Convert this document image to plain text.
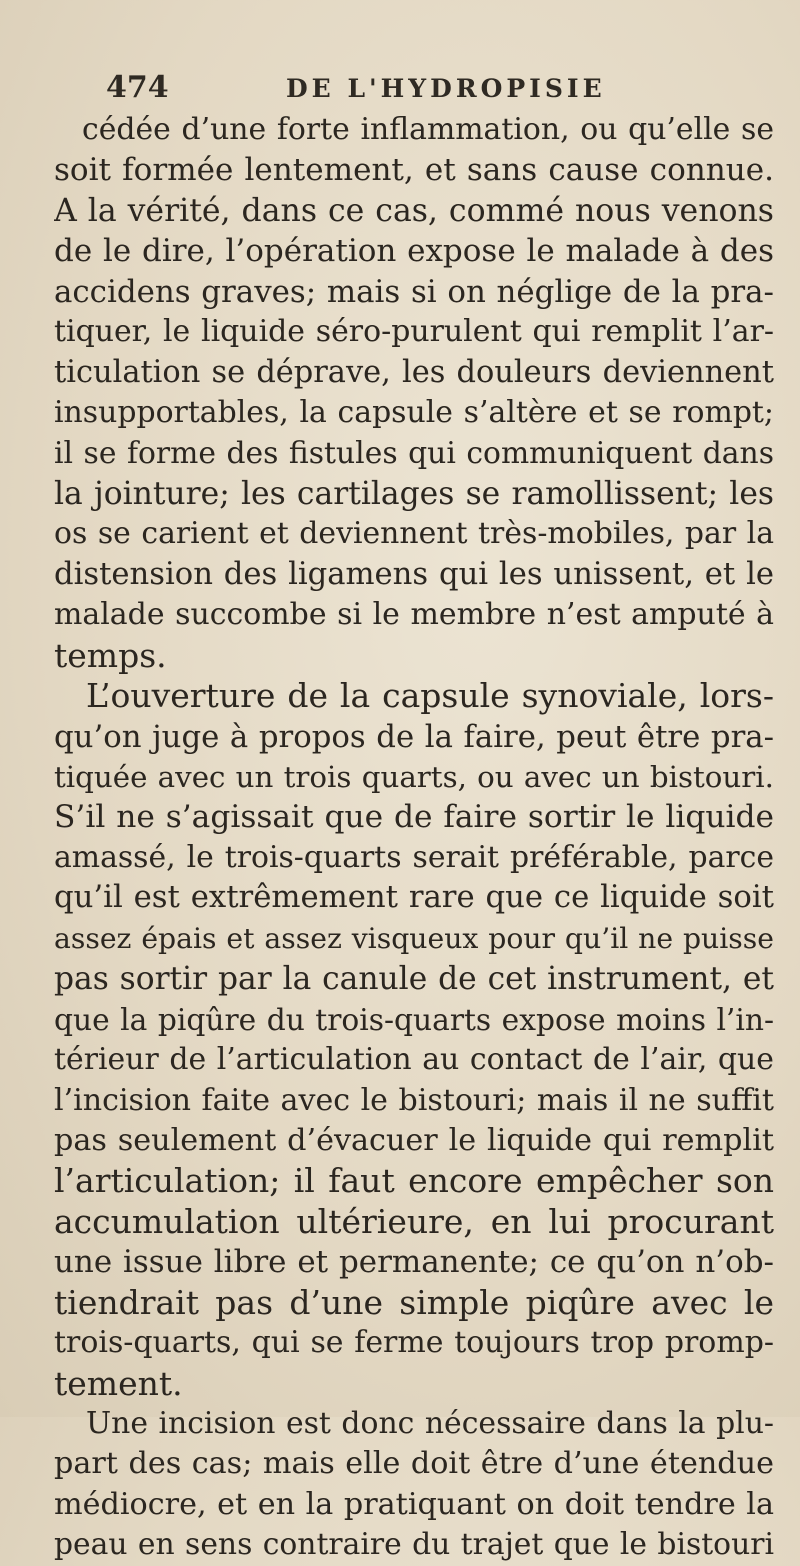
474	DE L'HYDROPISIE
cédée d’une forte inflammation, ou qu’elle se
soit formée lentement, et sans cause connue.
A la vérité, dans ce cas, commé nous venons
de le dire, l’opération expose le malade à des
accidens graves; mais si on néglige de la pra-
tiquer, le liquide séro-purulent qui remplit l’ar-
ticulation se déprave, les douleurs deviennent
insupportables, la capsule s’altère et se rompt;
il se forme des fistules qui communiquent dans
la jointure; les cartilages se ramollissent; les
os se carient et deviennent très-mobiles, par la
distension des ligamens qui les unissent, et le
malade succombe si le membre n’est amputé à
temps.
L’ouverture de la capsule synoviale, lors-
qu’on juge à propos de la faire, peut être pra-
tiquée avec un trois quarts, ou avec un bistouri.
S’il ne s’agissait que de faire sortir le liquide
amassé, le trois-quarts serait préférable, parce
qu’il est extrêmement rare que ce liquide soit
assez épais et assez visqueux pour qu’il ne puisse
pas sortir par la canule de cet instrument, et
que la piqûre du trois-quarts expose moins l’in-
térieur de l’articulation au contact de l’air, que
l’incision faite avec le bistouri; mais il ne suffit
pas seulement d’évacuer le liquide qui remplit
l’articulation; il faut encore empêcher son
accumulation ultérieure, en lui procurant
une issue libre et permanente; ce qu’on n’ob-
tiendrait pas d’une simple piqûre avec le
trois-quarts, qui se ferme toujours trop promp-
tement.
Une incision est donc nécessaire dans la plu-
part des cas; mais elle doit être d’une étendue
médiocre, et en la pratiquant on doit tendre la
peau en sens contraire du trajet que le bistouri
